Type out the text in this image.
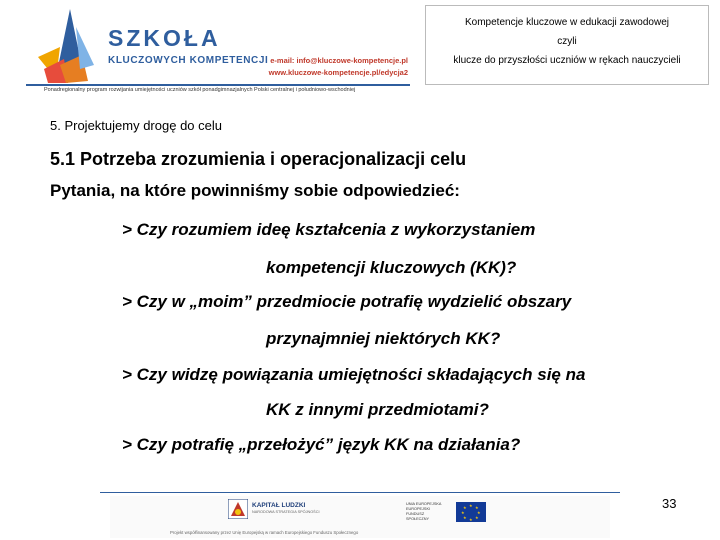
SZKOŁA
KLUCZOWYCH KOMPETENCJI e-mail: info@kluczowe-kompetencje.pl
www.kluczowe-kompetencje.pl/edycja2
Ponadregionalny program rozwijania umiejętności uczniów szkół ponadgimnazjalnych Polski centralnej i południowo-wschodniej
Kompetencje kluczowe w edukacji zawodowej
czyli
klucze do przyszłości uczniów w rękach nauczycieli
5. Projektujemy drogę do celu
5.1 Potrzeba zrozumienia i operacjonalizacji celu
Pytania, na które powinniśmy sobie odpowiedzieć:
> Czy rozumiem ideę kształcenia z wykorzystaniem
kompetencji kluczowych (KK)?
> Czy w „moim” przedmiocie potrafię wydzielić obszary
przynajmniej niektórych KK?
> Czy widzę powiązania umiejętności składających się na
KK z innymi przedmiotami?
> Czy potrafię „przełożyć” język KK na działania?
KAPITAŁ LUDZKI
NARODOWA STRATEGIA SPÓJNOŚCI
UNIA EUROPEJSKA EUROPEJSKI FUNDUSZ SPOŁECZNY
★ ★
★
★
★
★
★
★
Projekt współfinansowany przez Unię Europejską w ramach Europejskiego Funduszu Społecznego
33
